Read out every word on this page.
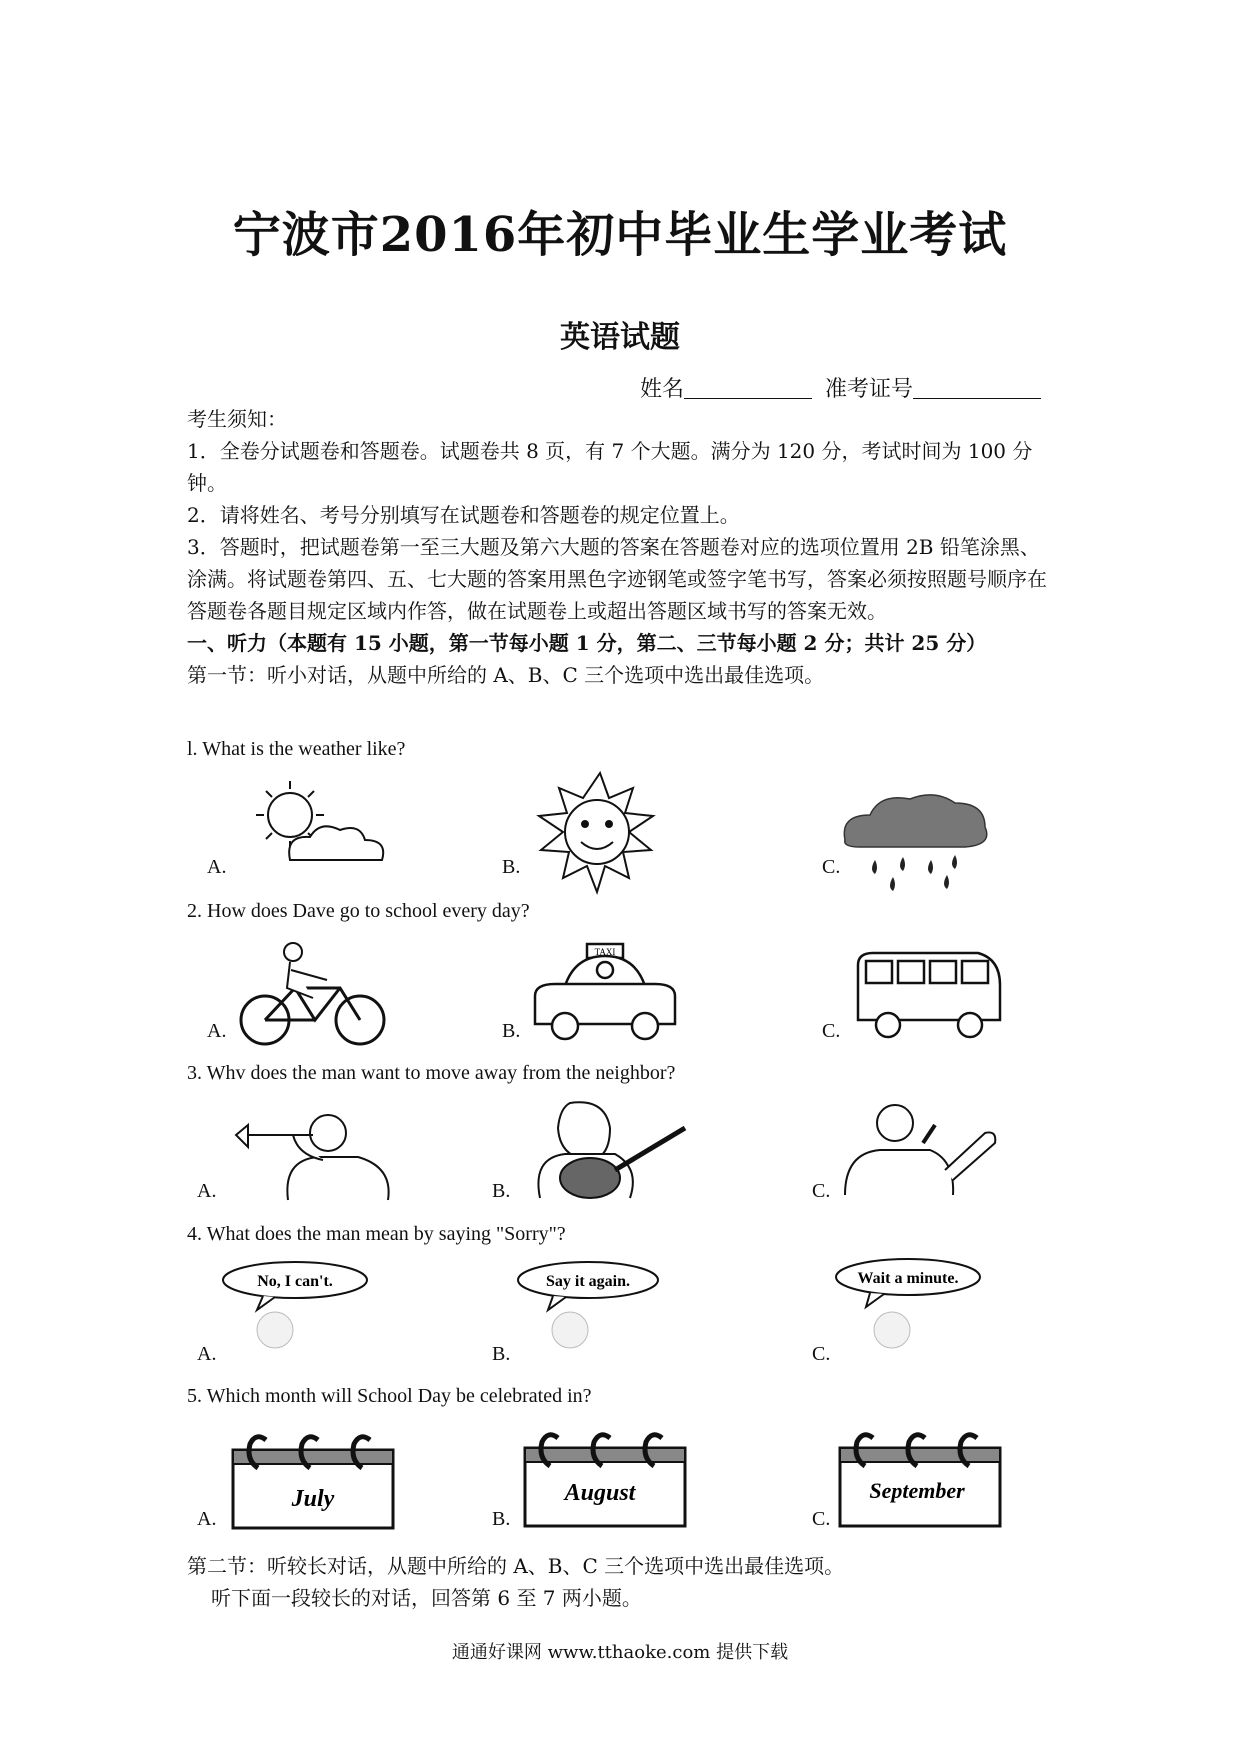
宁波市2016年初中毕业生学业考试
英语试题
姓名	准考证号
考生须知：
1．全卷分试题卷和答题卷。试题卷共 8 页，有 7 个大题。满分为 120 分，考试时间为 100 分钟。
2．请将姓名、考号分别填写在试题卷和答题卷的规定位置上。
3．答题时，把试题卷第一至三大题及第六大题的答案在答题卷对应的选项位置用 2B 铅笔涂黑、涂满。将试题卷第四、五、七大题的答案用黑色字迹钢笔或签字笔书写，答案必须按照题号顺序在答题卷各题目规定区域内作答，做在试题卷上或超出答题区域书写的答案无效。
一、听力（本题有 15 小题，第一节每小题 1 分，第二、三节每小题 2 分；共计 25 分）
第一节：听小对话，从题中所给的 A、B、C 三个选项中选出最佳选项。
l. What is the weather like?
A.	B.	C.
2. How does Dave go to school every day?
A.	B.	C.
TAXI
3. Whv does the man want to move away from the neighbor?
A.	B.	C.
4. What does the man mean by saying "Sorry"?
A.	B.	C.
No, I can't.	Say it again.	Wait a minute.
5. Which month will School Day be celebrated in?
A.	B.	C.
July	August	September
第二节：听较长对话，从题中所给的 A、B、C 三个选项中选出最佳选项。
听下面一段较长的对话，回答第 6 至 7 两小题。
通通好课网 www.tthaoke.com 提供下载
